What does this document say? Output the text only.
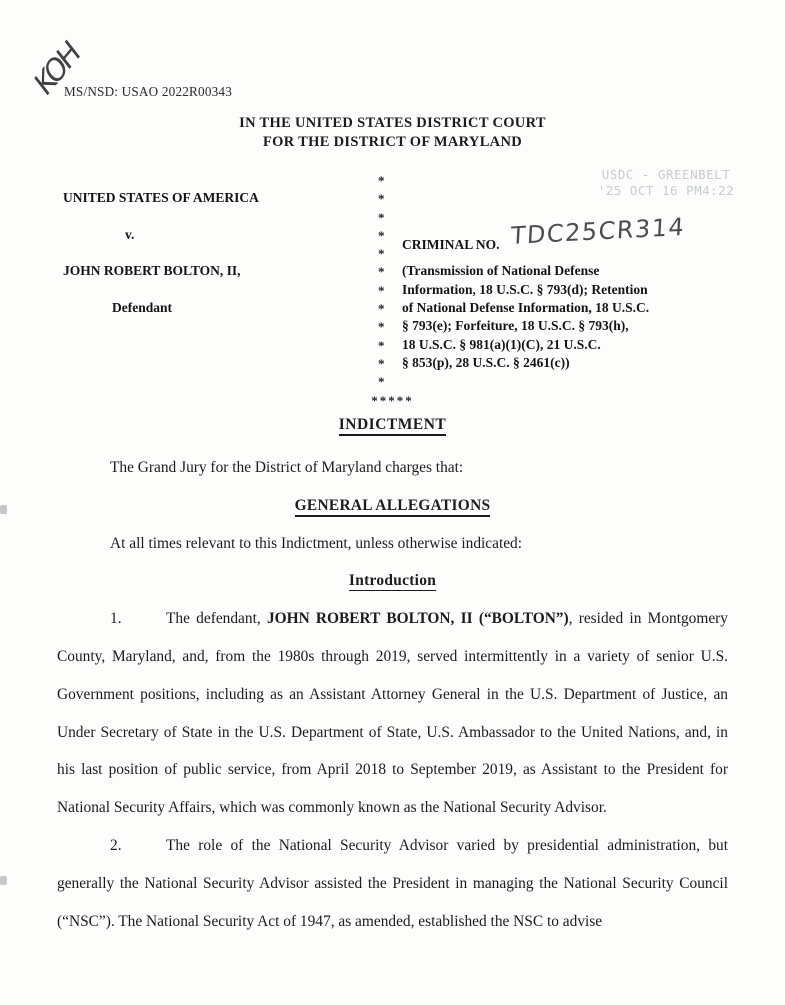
KOH
MS/NSD: USAO 2022R00343
IN THE UNITED STATES DISTRICT COURT
FOR THE DISTRICT OF MARYLAND
USDC - GREENBELT
'25 OCT 16 PM4:22
*
*
UNITED STATES OF AMERICA
*
*
v.
CRIMINAL NO. TDC25CR314
*
*
JOHN ROBERT BOLTON, II,	(Transmission of National Defense
* Information, 18 U.S.C. § 793(d); Retention
*
Defendant	of National Defense Information, 18 U.S.C.
* § 793(e); Forfeiture, 18 U.S.C. § 793(h),
* 18 U.S.C. § 981(a)(1)(C), 21 U.S.C.
* § 853(p), 28 U.S.C. § 2461(c))
*
*****
INDICTMENT

The Grand Jury for the District of Maryland charges that:

GENERAL ALLEGATIONS

At all times relevant to this Indictment, unless otherwise indicated:

Introduction

1.	The defendant, JOHN ROBERT BOLTON, II (“BOLTON”), resided in Montgomery County, Maryland, and, from the 1980s through 2019, served intermittently in a variety of senior U.S. Government positions, including as an Assistant Attorney General in the U.S. Department of Justice, an Under Secretary of State in the U.S. Department of State, U.S. Ambassador to the United Nations, and, in his last position of public service, from April 2018 to September 2019, as Assistant to the President for National Security Affairs, which was commonly known as the National Security Advisor.

2.	The role of the National Security Advisor varied by presidential administration, but generally the National Security Advisor assisted the President in managing the National Security Council (“NSC”). The National Security Act of 1947, as amended, established the NSC to advise
